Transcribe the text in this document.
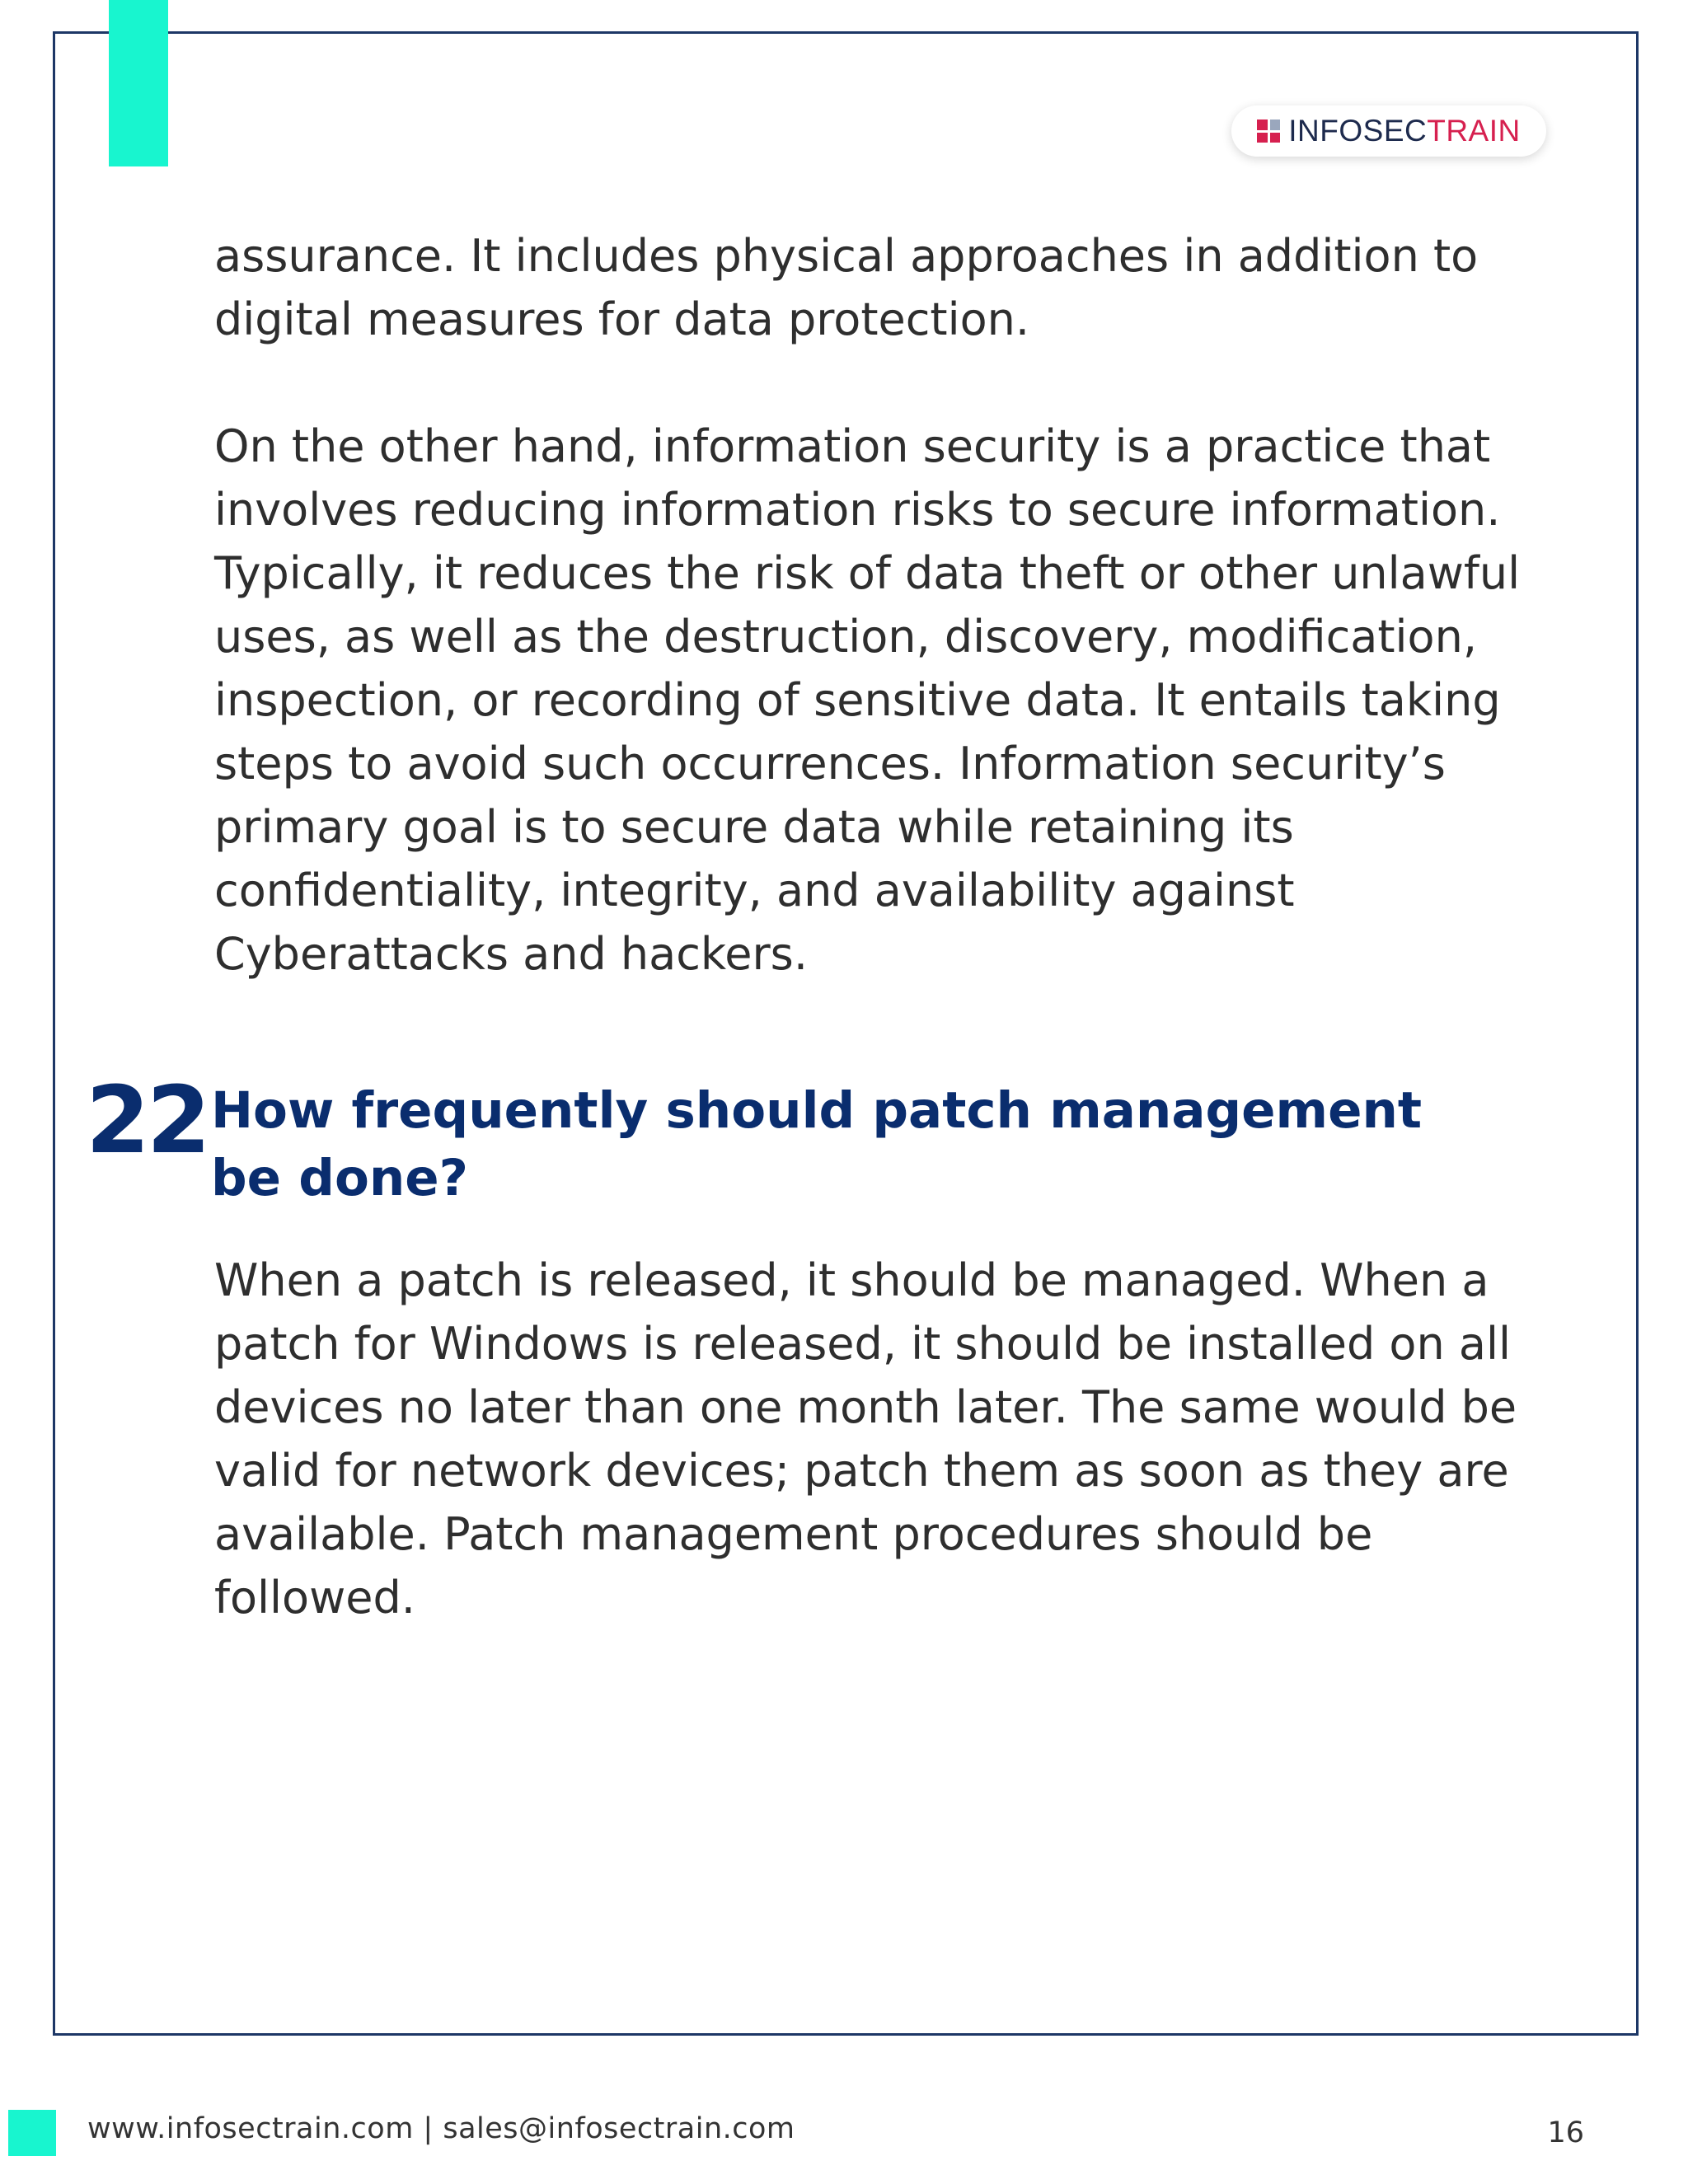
INFOSECTRAIN

assurance. It includes physical approaches in addition to digital measures for data protection.

On the other hand, information security is a practice that involves reducing information risks to secure information. Typically, it reduces the risk of data theft or other unlawful uses, as well as the destruction, discovery, modification, inspection, or recording of sensitive data. It entails taking steps to avoid such occurrences. Information security’s primary goal is to secure data while retaining its confidentiality, integrity, and availability against Cyberattacks and hackers.

22 How frequently should patch management be done?

When a patch is released, it should be managed. When a patch for Windows is released, it should be installed on all devices no later than one month later. The same would be valid for network devices; patch them as soon as they are available. Patch management procedures should be followed.

www.infosectrain.com | sales@infosectrain.com	16
